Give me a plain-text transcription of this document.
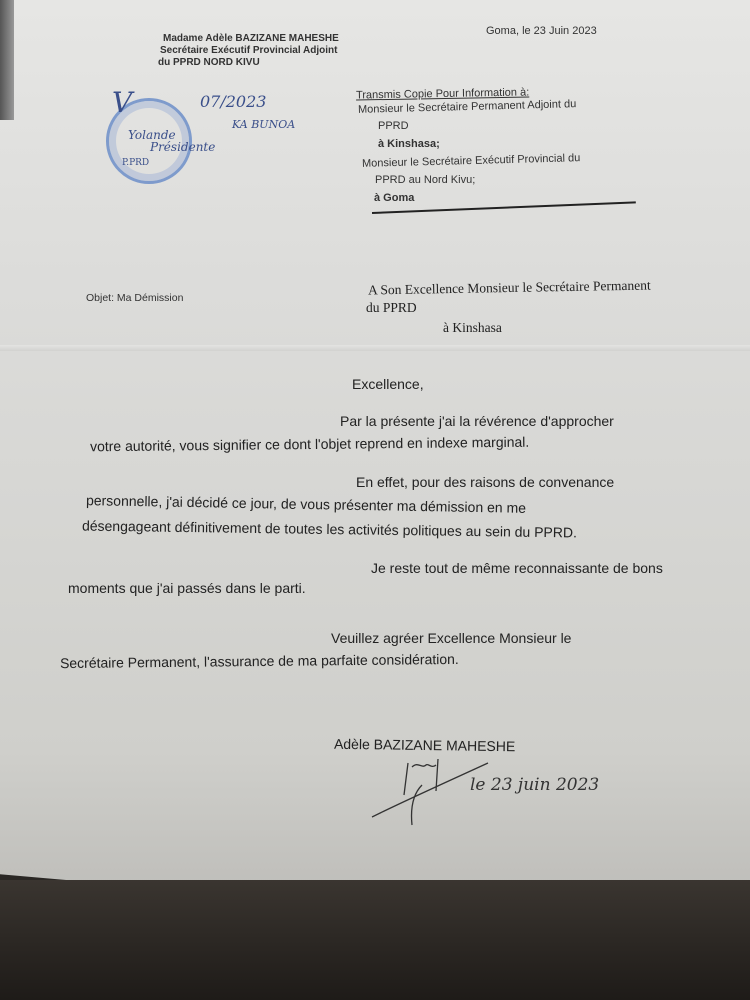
Madame Adèle BAZIZANE MAHESHE
Secrétaire Exécutif Provincial Adjoint
du PPRD NORD KIVU
Goma, le 23 Juin 2023
V	07/2023
KA BUNOA
Yolande
Présidente
P.PRD
Transmis Copie Pour Information à:
Monsieur le Secrétaire Permanent Adjoint du
PPRD
à Kinshasa;
Monsieur le Secrétaire Exécutif Provincial du
PPRD au Nord Kivu;
à Goma
Objet: Ma Démission
A Son Excellence Monsieur le Secrétaire Permanent
du PPRD
à Kinshasa
Excellence,
Par la présente j'ai la révérence d'approcher
votre autorité, vous signifier ce dont l'objet reprend en indexe marginal.
En effet, pour des raisons de convenance
personnelle, j'ai décidé ce jour, de vous présenter ma démission en me
désengageant définitivement de toutes les activités politiques au sein du PPRD.
Je reste tout de même reconnaissante de bons
moments que j'ai passés dans le parti.
Veuillez agréer Excellence Monsieur le
Secrétaire Permanent, l'assurance de ma parfaite considération.
Adèle BAZIZANE MAHESHE
le 23 juin 2023
